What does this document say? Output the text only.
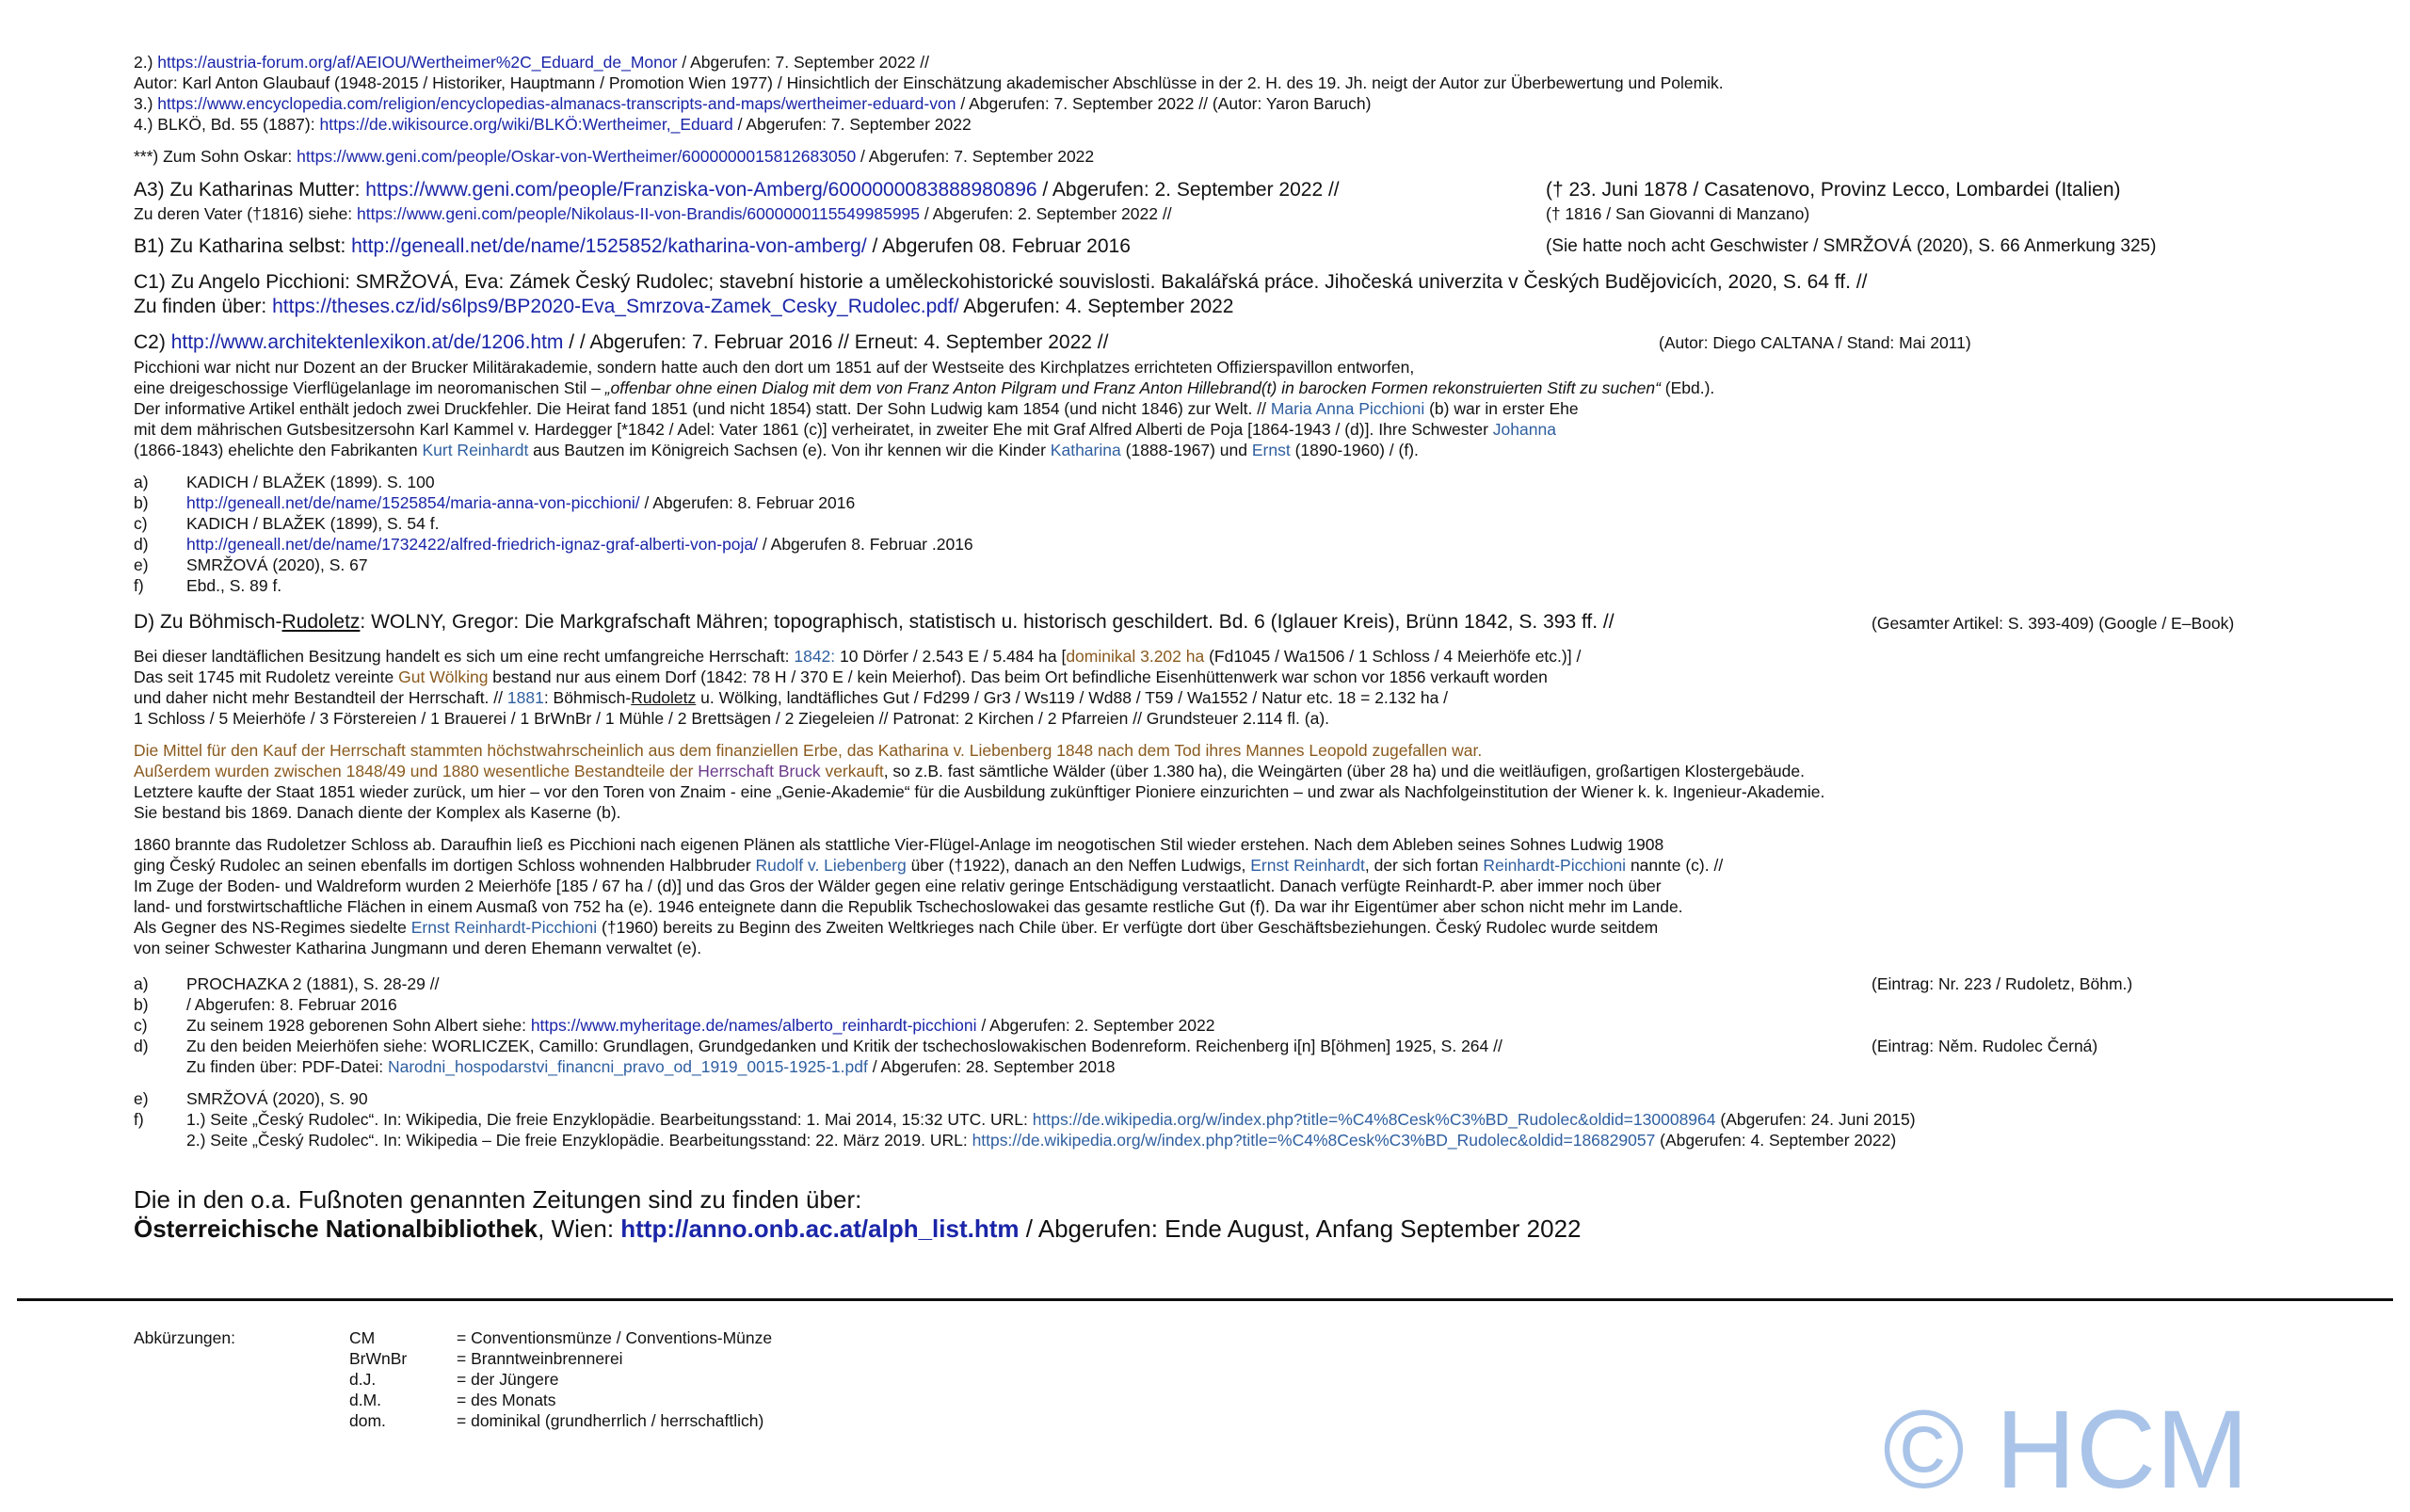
2.) https://austria-forum.org/af/AEIOU/Wertheimer%2C_Eduard_de_Monor / Abgerufen: 7. September 2022 //
Autor: Karl Anton Glaubauf (1948-2015 / Historiker, Hauptmann / Promotion Wien 1977) / Hinsichtlich der Einschätzung akademischer Abschlüsse in der 2. H. des 19. Jh. neigt der Autor zur Überbewertung und Polemik.
3.) https://www.encyclopedia.com/religion/encyclopedias-almanacs-transcripts-and-maps/wertheimer-eduard-von / Abgerufen: 7. September 2022 // (Autor: Yaron Baruch)
4.) BLKÖ, Bd. 55 (1887): https://de.wikisource.org/wiki/BLKÖ:Wertheimer,_Eduard / Abgerufen: 7. September 2022
***) Zum Sohn Oskar: https://www.geni.com/people/Oskar-von-Wertheimer/6000000015812683050 / Abgerufen: 7. September 2022
A3) Zu Katharinas Mutter: https://www.geni.com/people/Franziska-von-Amberg/6000000083888980896 / Abgerufen: 2. September 2022 //	(† 23. Juni 1878 / Casatenovo, Provinz Lecco, Lombardei (Italien)
Zu deren Vater (†1816) siehe: https://www.geni.com/people/Nikolaus-II-von-Brandis/6000000115549985995 / Abgerufen: 2. September 2022 //	(† 1816 / San Giovanni di Manzano)
B1) Zu Katharina selbst: http://geneall.net/de/name/1525852/katharina-von-amberg/ / Abgerufen 08. Februar 2016	(Sie hatte noch acht Geschwister / SMRŽOVÁ (2020), S. 66 Anmerkung 325)
C1) Zu Angelo Picchioni: SMRŽOVÁ, Eva: Zámek Český Rudolec; stavební historie a uměleckohistorické souvislosti. Bakalářská práce. Jihočeská univerzita v Českých Budějovicích, 2020, S. 64 ff. //
Zu finden über: https://theses.cz/id/s6lps9/BP2020-Eva_Smrzova-Zamek_Cesky_Rudolec.pdf/ Abgerufen: 4. September 2022
C2) http://www.architektenlexikon.at/de/1206.htm / / Abgerufen: 7. Februar 2016 // Erneut: 4. September 2022 //	(Autor: Diego CALTANA / Stand: Mai 2011)
Picchioni war nicht nur Dozent an der Brucker Militärakademie, sondern hatte auch den dort um 1851 auf der Westseite des Kirchplatzes errichteten Offizierspavillon entworfen,
eine dreigeschossige Vierflügelanlage im neoromanischen Stil – „offenbar ohne einen Dialog mit dem von Franz Anton Pilgram und Franz Anton Hillebrand(t) in barocken Formen rekonstruierten Stift zu suchen“ (Ebd.).
Der informative Artikel enthält jedoch zwei Druckfehler. Die Heirat fand 1851 (und nicht 1854) statt. Der Sohn Ludwig kam 1854 (und nicht 1846) zur Welt. // Maria Anna Picchioni (b) war in erster Ehe
mit dem mährischen Gutsbesitzersohn Karl Kammel v. Hardegger [*1842 / Adel: Vater 1861 (c)] verheiratet, in zweiter Ehe mit Graf Alfred Alberti de Poja [1864-1943 / (d)]. Ihre Schwester Johanna
(1866-1843) ehelichte den Fabrikanten Kurt Reinhardt aus Bautzen im Königreich Sachsen (e). Von ihr kennen wir die Kinder Katharina (1888-1967) und Ernst (1890-1960) / (f).
a) KADICH / BLAŽEK (1899). S. 100
b) http://geneall.net/de/name/1525854/maria-anna-von-picchioni/ / Abgerufen: 8. Februar 2016
c) KADICH / BLAŽEK (1899), S. 54 f.
d) http://geneall.net/de/name/1732422/alfred-friedrich-ignaz-graf-alberti-von-poja/ / Abgerufen 8. Februar .2016
e) SMRŽOVÁ (2020), S. 67
f)	Ebd., S. 89 f.
D) Zu Böhmisch-Rudoletz: WOLNY, Gregor: Die Markgrafschaft Mähren; topographisch, statistisch u. historisch geschildert. Bd. 6 (Iglauer Kreis), Brünn 1842, S. 393 ff. //	(Gesamter Artikel: S. 393-409) (Google / E–Book)
Bei dieser landtäflichen Besitzung handelt es sich um eine recht umfangreiche Herrschaft: 1842: 10 Dörfer / 2.543 E / 5.484 ha [dominikal 3.202 ha (Fd1045 / Wa1506 / 1 Schloss / 4 Meierhöfe etc.)] /
Das seit 1745 mit Rudoletz vereinte Gut Wölking bestand nur aus einem Dorf (1842: 78 H / 370 E / kein Meierhof). Das beim Ort befindliche Eisenhüttenwerk war schon vor 1856 verkauft worden
und daher nicht mehr Bestandteil der Herrschaft. // 1881: Böhmisch-Rudoletz u. Wölking, landtäfliches Gut / Fd299 / Gr3 / Ws119 / Wd88 / T59 / Wa1552 / Natur etc. 18 = 2.132 ha /
1 Schloss / 5 Meierhöfe / 3 Förstereien / 1 Brauerei / 1 BrWnBr / 1 Mühle / 2 Brettsägen / 2 Ziegeleien // Patronat: 2 Kirchen / 2 Pfarreien // Grundsteuer 2.114 fl. (a).
Die Mittel für den Kauf der Herrschaft stammten höchstwahrscheinlich aus dem finanziellen Erbe, das Katharina v. Liebenberg 1848 nach dem Tod ihres Mannes Leopold zugefallen war.
Außerdem wurden zwischen 1848/49 und 1880 wesentliche Bestandteile der Herrschaft Bruck verkauft, so z.B. fast sämtliche Wälder (über 1.380 ha), die Weingärten (über 28 ha) und die weitläufigen, großartigen Klostergebäude.
Letztere kaufte der Staat 1851 wieder zurück, um hier – vor den Toren von Znaim - eine „Genie-Akademie“ für die Ausbildung zukünftiger Pioniere einzurichten – und zwar als Nachfolgeinstitution der Wiener k. k. Ingenieur-Akademie.
Sie bestand bis 1869. Danach diente der Komplex als Kaserne (b).
1860 brannte das Rudoletzer Schloss ab. Daraufhin ließ es Picchioni nach eigenen Plänen als stattliche Vier-Flügel-Anlage im neogotischen Stil wieder erstehen. Nach dem Ableben seines Sohnes Ludwig 1908
ging Český Rudolec an seinen ebenfalls im dortigen Schloss wohnenden Halbbruder Rudolf v. Liebenberg über (†1922), danach an den Neffen Ludwigs, Ernst Reinhardt, der sich fortan Reinhardt-Picchioni nannte (c). //
Im Zuge der Boden- und Waldreform wurden 2 Meierhöfe [185 / 67 ha / (d)] und das Gros der Wälder gegen eine relativ geringe Entschädigung verstaatlicht. Danach verfügte Reinhardt-P. aber immer noch über
land- und forstwirtschaftliche Flächen in einem Ausmaß von 752 ha (e). 1946 enteignete dann die Republik Tschechoslowakei das gesamte restliche Gut (f). Da war ihr Eigentümer aber schon nicht mehr im Lande.
Als Gegner des NS-Regimes siedelte Ernst Reinhardt-Picchioni (†1960) bereits zu Beginn des Zweiten Weltkrieges nach Chile über. Er verfügte dort über Geschäftsbeziehungen. Český Rudolec wurde seitdem
von seiner Schwester Katharina Jungmann und deren Ehemann verwaltet (e).
a) PROCHAZKA 2 (1881), S. 28-29 //	(Eintrag: Nr. 223 / Rudoletz, Böhm.)
b) / Abgerufen: 8. Februar 2016
c) Zu seinem 1928 geborenen Sohn Albert siehe: https://www.myheritage.de/names/alberto_reinhardt-picchioni / Abgerufen: 2. September 2022
d) Zu den beiden Meierhöfen siehe: WORLICZEK, Camillo: Grundlagen, Grundgedanken und Kritik der tschechoslowakischen Bodenreform. Reichenberg i[n] B[öhmen] 1925, S. 264 //	(Eintrag: Něm. Rudolec Černá)
Zu finden über: PDF-Datei: Narodni_hospodarstvi_financni_pravo_od_1919_0015-1925-1.pdf / Abgerufen: 28. September 2018
e) SMRŽOVÁ (2020), S. 90
f)	1.) Seite „Český Rudolec“. In: Wikipedia, Die freie Enzyklopädie. Bearbeitungsstand: 1. Mai 2014, 15:32 UTC. URL: https://de.wikipedia.org/w/index.php?title=%C4%8Cesk%C3%BD_Rudolec&oldid=130008964 (Abgerufen: 24. Juni 2015)
2.) Seite „Český Rudolec“. In: Wikipedia – Die freie Enzyklopädie. Bearbeitungsstand: 22. März 2019. URL: https://de.wikipedia.org/w/index.php?title=%C4%8Cesk%C3%BD_Rudolec&oldid=186829057 (Abgerufen: 4. September 2022)
Die in den o.a. Fußnoten genannten Zeitungen sind zu finden über:
Österreichische Nationalbibliothek, Wien: http://anno.onb.ac.at/alph_list.htm / Abgerufen: Ende August, Anfang September 2022
Abkürzungen:	CM	= Conventionsmünze / Conventions-Münze
BrWnBr	= Branntweinbrennerei
d.J.	= der Jüngere
d.M.	= des Monats
dom.	= dominikal (grundherrlich / herrschaftlich)	© HCM
